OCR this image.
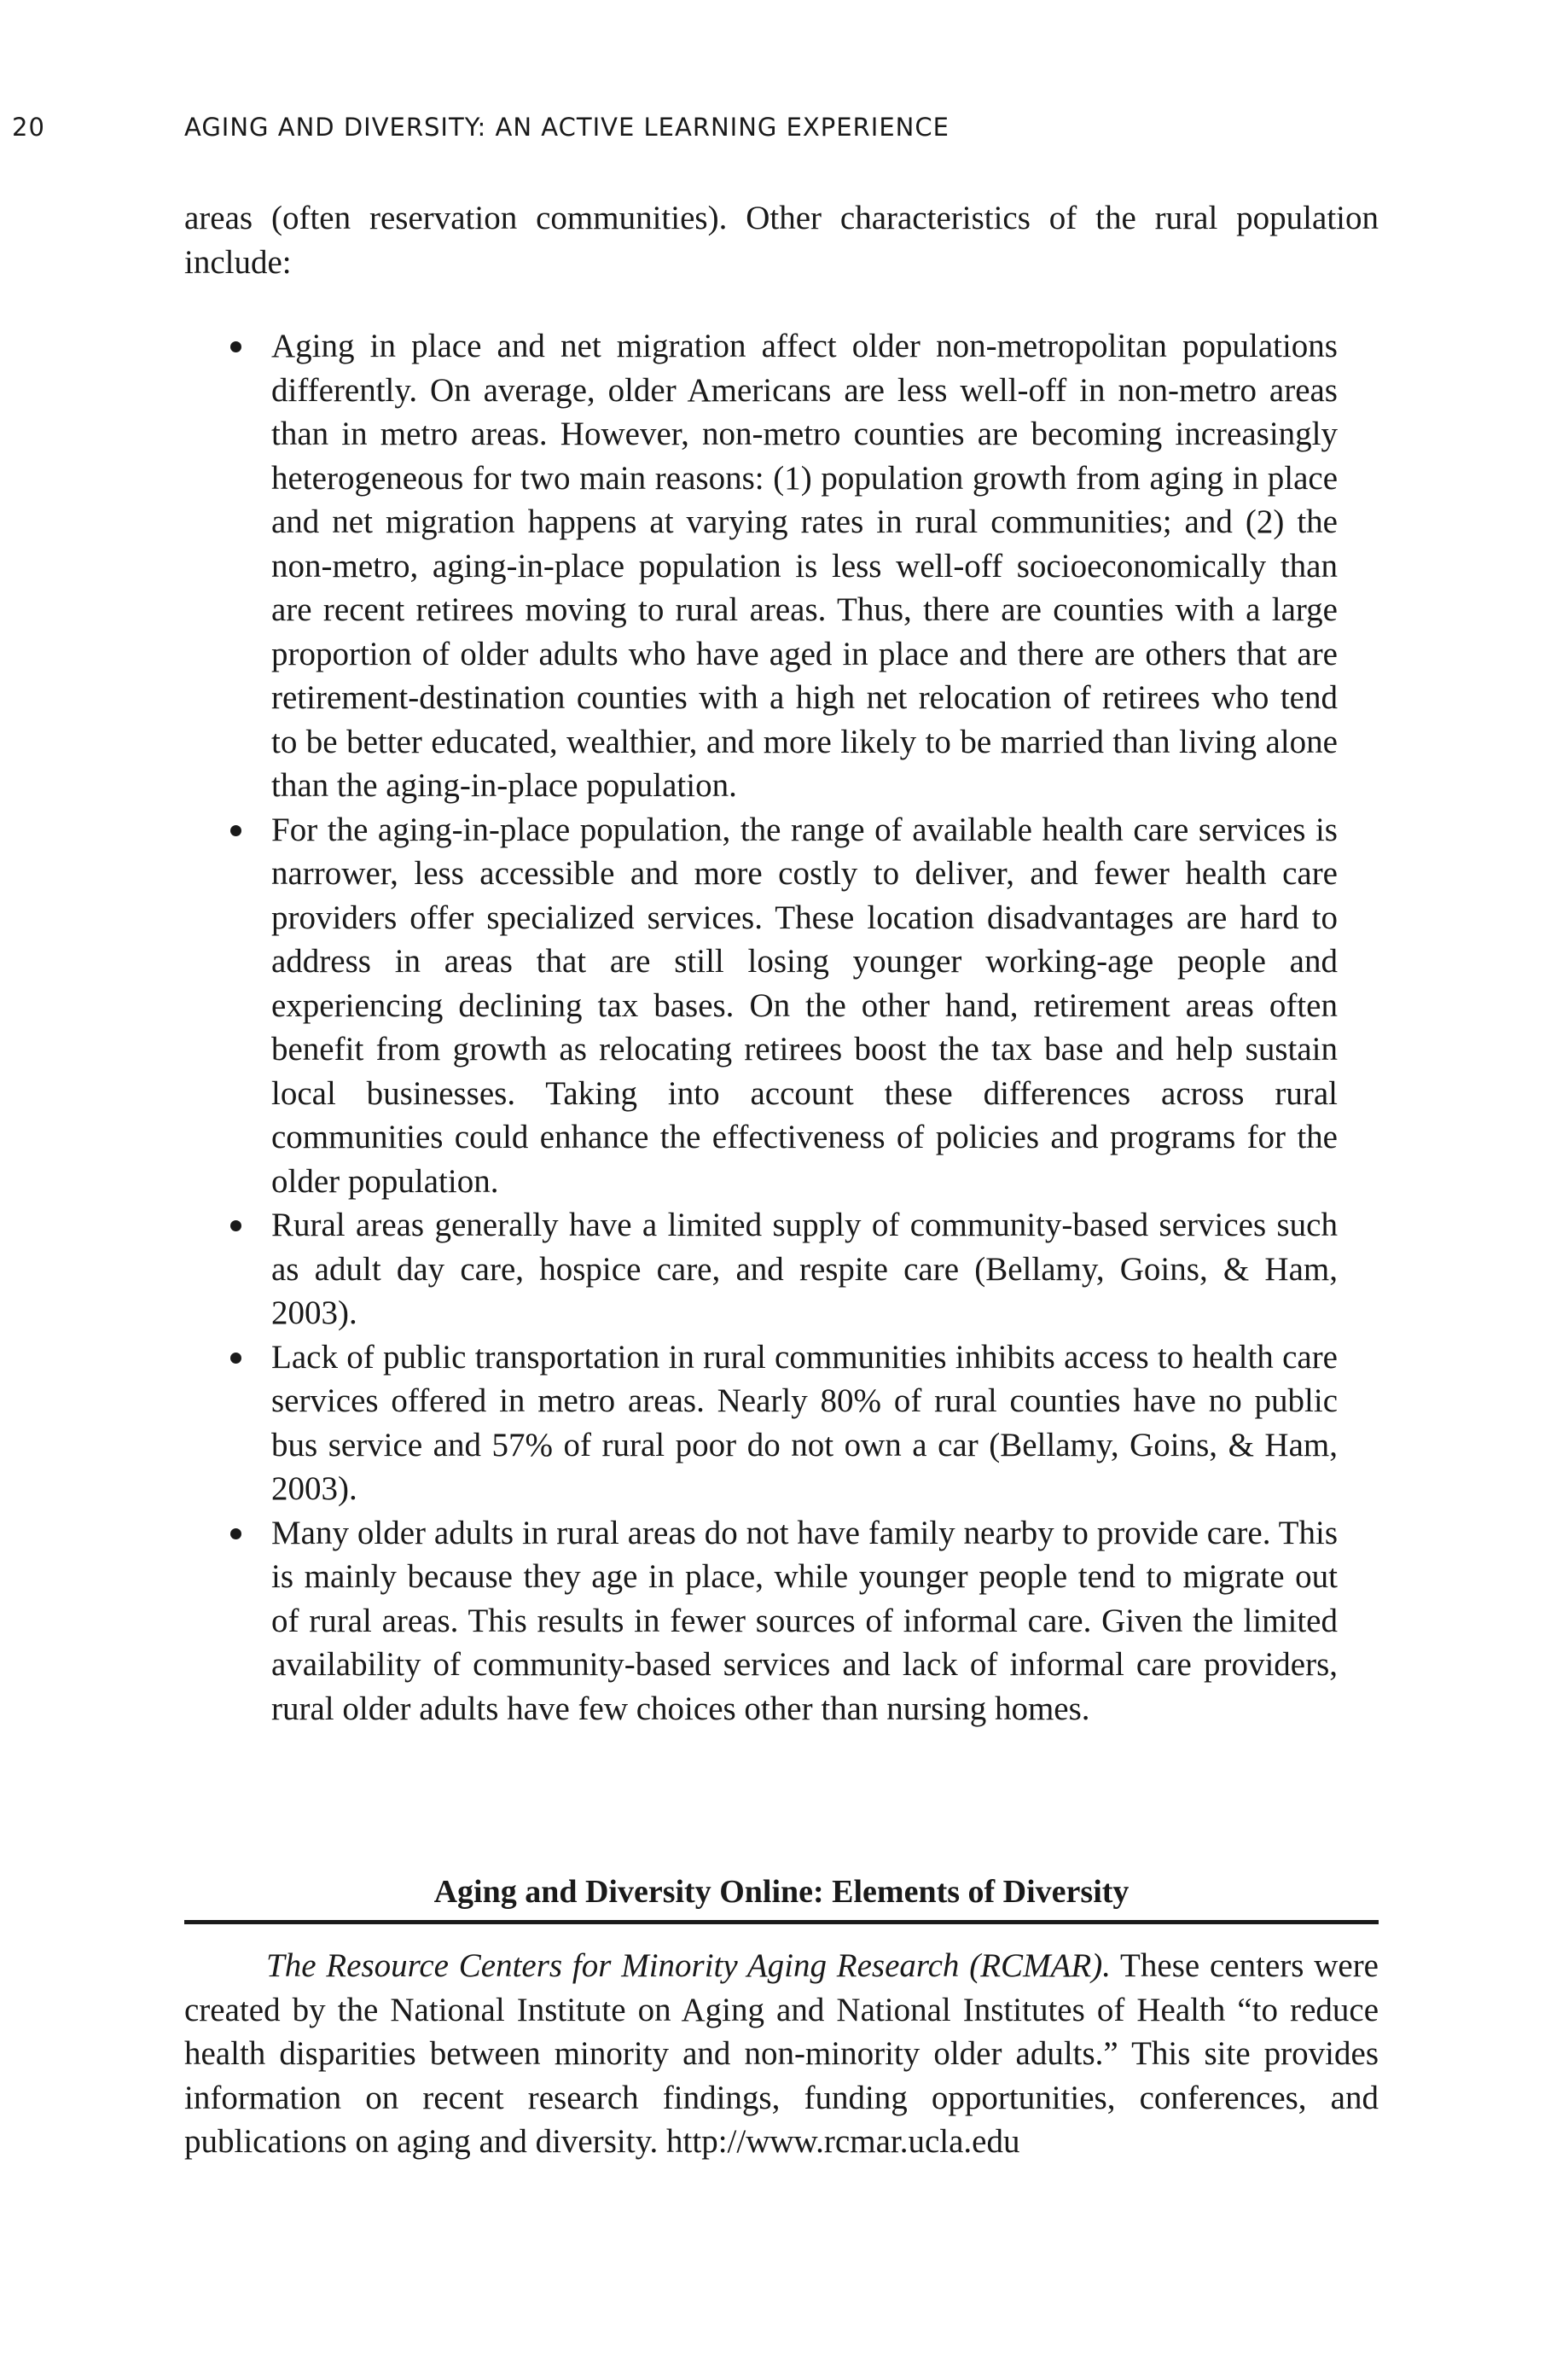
20	AGING AND DIVERSITY: AN ACTIVE LEARNING EXPERIENCE

areas (often reservation communities). Other characteristics of the rural population include:

Aging in place and net migration affect older non-metropolitan populations differently. On average, older Americans are less well-off in non-metro areas than in metro areas. However, non-metro counties are becoming increasingly heterogeneous for two main reasons: (1) population growth from aging in place and net migration happens at varying rates in rural communities; and (2) the non-metro, aging-in-place population is less well-off socioeconomically than are recent retirees moving to rural areas. Thus, there are counties with a large proportion of older adults who have aged in place and there are others that are retirement-destination counties with a high net relocation of retirees who tend to be better educated, wealthier, and more likely to be married than living alone than the aging-in-place population.
For the aging-in-place population, the range of available health care services is narrower, less accessible and more costly to deliver, and fewer health care providers offer specialized services. These location disadvantages are hard to address in areas that are still losing younger working-age people and experiencing declining tax bases. On the other hand, retirement areas often benefit from growth as relocating retirees boost the tax base and help sustain local businesses. Taking into account these differences across rural communities could enhance the effectiveness of policies and programs for the older population.
Rural areas generally have a limited supply of community-based services such as adult day care, hospice care, and respite care (Bellamy, Goins, & Ham, 2003).
Lack of public transportation in rural communities inhibits access to health care services offered in metro areas. Nearly 80% of rural counties have no public bus service and 57% of rural poor do not own a car (Bellamy, Goins, & Ham, 2003).
Many older adults in rural areas do not have family nearby to provide care. This is mainly because they age in place, while younger people tend to migrate out of rural areas. This results in fewer sources of informal care. Given the limited availability of community-based services and lack of informal care providers, rural older adults have few choices other than nursing homes.
Aging and Diversity Online: Elements of Diversity

The Resource Centers for Minority Aging Research (RCMAR). These centers were created by the National Institute on Aging and National Institutes of Health “to reduce health disparities between minority and non-minority older adults.” This site provides information on recent research findings, funding opportunities, conferences, and publications on aging and diversity. http://www.rcmar.ucla.edu
